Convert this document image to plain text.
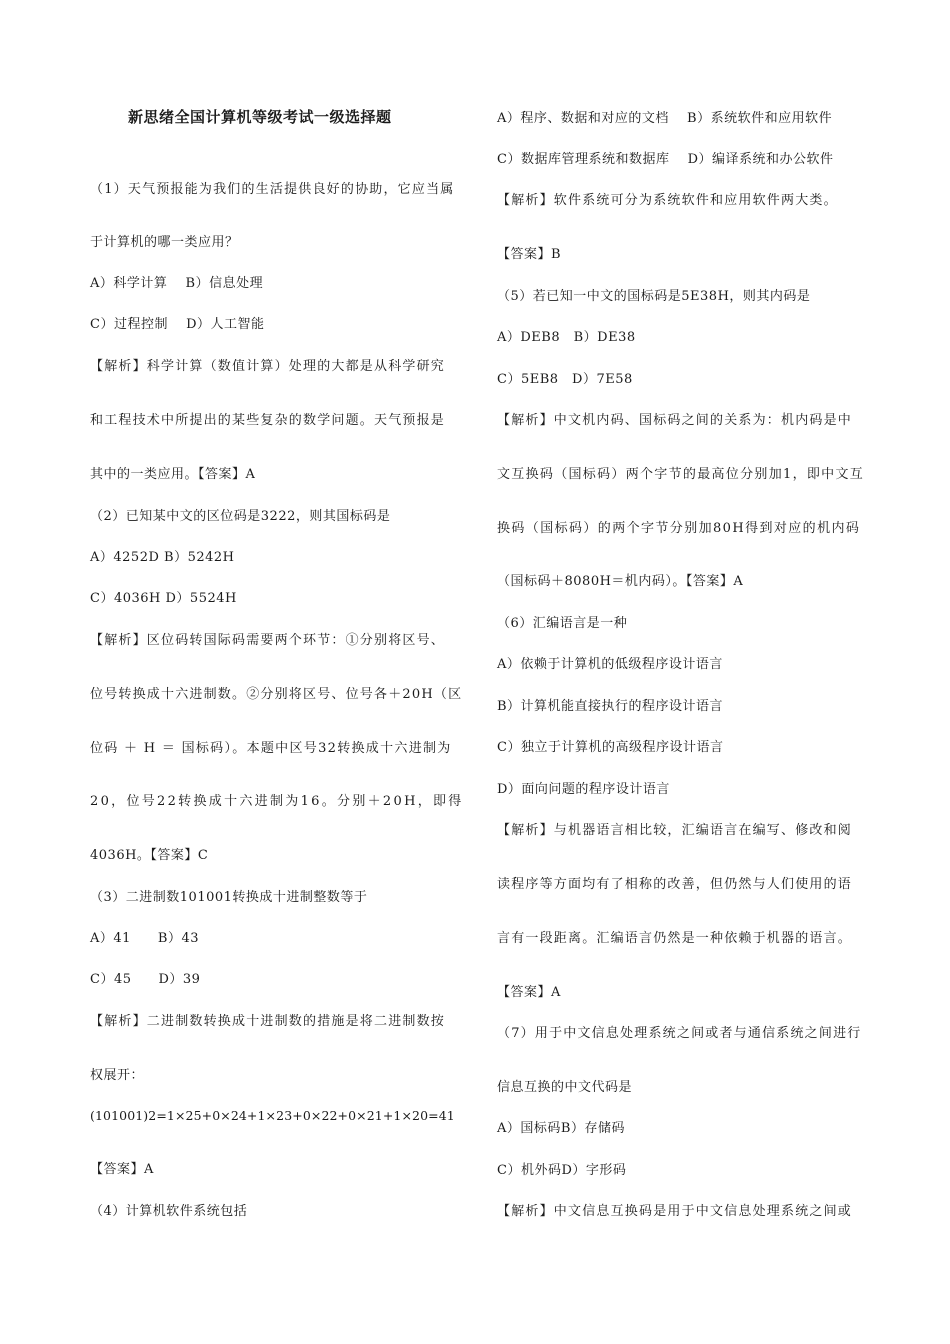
新思绪全国计算机等级考试一级选择题
（1）天气预报能为我们的生活提供良好的协助，它应当属
于计算机的哪一类应用？
A）科学计算　 B）信息处理
C）过程控制　 D）人工智能
【解析】科学计算（数值计算）处理的大都是从科学研究
和工程技术中所提出的某些复杂的数学问题。天气预报是
其中的一类应用。【答案】A
（2）已知某中文的区位码是3222，则其国标码是
A）4252D B）5242H
C）4036H D）5524H
【解析】区位码转国际码需要两个环节：①分别将区号、
位号转换成十六进制数。②分别将区号、位号各＋20H（区
位码 ＋ H ＝ 国标码）。本题中区号32转换成十六进制为
20，位号22转换成十六进制为16。分别＋20H，即得
4036H。【答案】C
（3）二进制数101001转换成十进制整数等于
A）41　　B）43
C）45　　D）39
【解析】二进制数转换成十进制数的措施是将二进制数按
权展开：
(101001)2=1×25+0×24+1×23+0×22+0×21+1×20=41
【答案】A
（4）计算机软件系统包括
A）程序、数据和对应的文档　 B）系统软件和应用软件
C）数据库管理系统和数据库　 D）编译系统和办公软件
【解析】软件系统可分为系统软件和应用软件两大类。
【答案】B
（5）若已知一中文的国标码是5E38H，则其内码是
A）DEB8　B）DE38
C）5EB8　D）7E58
【解析】中文机内码、国标码之间的关系为：机内码是中
文互换码（国标码）两个字节的最高位分别加1，即中文互
换码（国标码）的两个字节分别加80H得到对应的机内码
（国标码＋8080H＝机内码）。【答案】A
（6）汇编语言是一种
A）依赖于计算机的低级程序设计语言
B）计算机能直接执行的程序设计语言
C）独立于计算机的高级程序设计语言
D）面向问题的程序设计语言
【解析】与机器语言相比较，汇编语言在编写、修改和阅
读程序等方面均有了相称的改善，但仍然与人们使用的语
言有一段距离。汇编语言仍然是一种依赖于机器的语言。
【答案】A
（7）用于中文信息处理系统之间或者与通信系统之间进行
信息互换的中文代码是
A）国标码B）存储码
C）机外码D）字形码
【解析】中文信息互换码是用于中文信息处理系统之间或
